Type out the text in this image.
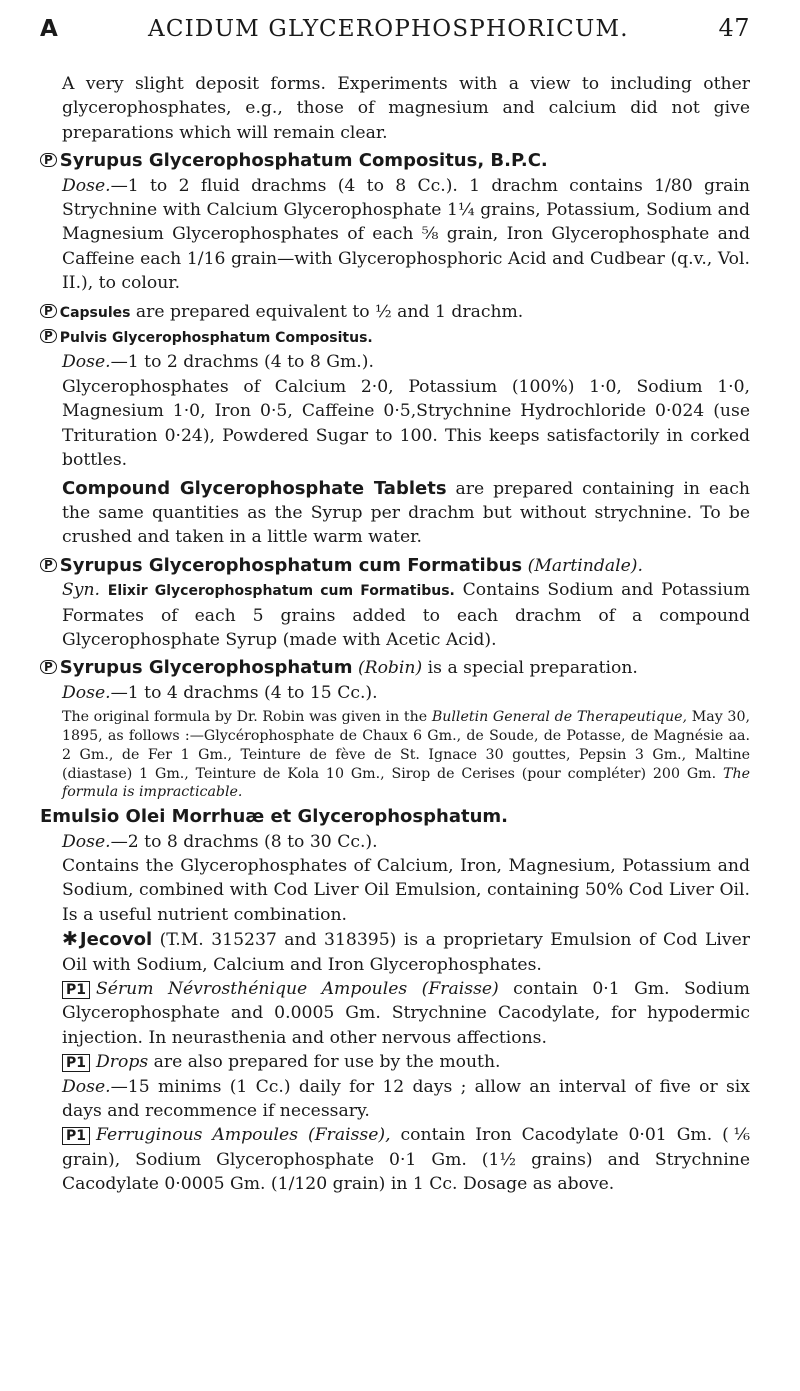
A	ACIDUM GLYCEROPHOSPHORICUM.	47

A very slight deposit forms. Experiments with a view to including other glycerophosphates, e.g., those of magnesium and calcium did not give preparations which will remain clear.

P Syrupus Glycerophosphatum Compositus, B.P.C.

Dose.—1 to 2 fluid drachms (4 to 8 Cc.). 1 drachm contains 1/80 grain Strychnine with Calcium Glycerophosphate 1¼ grains, Potassium, Sodium and Magnesium Glycerophosphates of each ⅝ grain, Iron Glycerophosphate and Caffeine each 1/16 grain—with Glycerophosphoric Acid and Cudbear (q.v., Vol. II.), to colour.

P Capsules are prepared equivalent to ½ and 1 drachm.

P Pulvis Glycerophosphatum Compositus.

Dose.—1 to 2 drachms (4 to 8 Gm.).

Glycerophosphates of Calcium 2·0, Potassium (100%) 1·0, Sodium 1·0, Magnesium 1·0, Iron 0·5, Caffeine 0·5,Strychnine Hydrochloride 0·024 (use Trituration 0·24), Powdered Sugar to 100. This keeps satisfactorily in corked bottles.

Compound Glycerophosphate Tablets are prepared containing in each the same quantities as the Syrup per drachm but without strychnine. To be crushed and taken in a little warm water.

P Syrupus Glycerophosphatum cum Formatibus (Martindale).

Syn. Elixir Glycerophosphatum cum Formatibus. Contains Sodium and Potassium Formates of each 5 grains added to each drachm of a compound Glycerophosphate Syrup (made with Acetic Acid).

P Syrupus Glycerophosphatum (Robin) is a special preparation.

Dose.—1 to 4 drachms (4 to 15 Cc.).

The original formula by Dr. Robin was given in the Bulletin General de Therapeutique, May 30, 1895, as follows :—Glycérophosphate de Chaux 6 Gm., de Soude, de Potasse, de Magnésie aa. 2 Gm., de Fer 1 Gm., Teinture de fève de St. Ignace 30 gouttes, Pepsin 3 Gm., Maltine (diastase) 1 Gm., Teinture de Kola 10 Gm., Sirop de Cerises (pour compléter) 200 Gm. The formula is impracticable.

Emulsio Olei Morrhuæ et Glycerophosphatum.

Dose.—2 to 8 drachms (8 to 30 Cc.).

Contains the Glycerophosphates of Calcium, Iron, Magnesium, Potassium and Sodium, combined with Cod Liver Oil Emulsion, containing 50% Cod Liver Oil. Is a useful nutrient combination.

✱ Jecovol (T.M. 315237 and 318395) is a proprietary Emulsion of Cod Liver Oil with Sodium, Calcium and Iron Glycerophosphates.

P1 Sérum Névrosthénique Ampoules (Fraisse) contain 0·1 Gm. Sodium Glycerophosphate and 0.0005 Gm. Strychnine Cacodylate, for hypodermic injection. In neurasthenia and other nervous affections.

P1 Drops are also prepared for use by the mouth.

Dose.—15 minims (1 Cc.) daily for 12 days ; allow an interval of five or six days and recommence if necessary.

P1 Ferruginous Ampoules (Fraisse), contain Iron Cacodylate 0·01 Gm. (⅙ grain), Sodium Glycerophosphate 0·1 Gm. (1½ grains) and Strychnine Cacodylate 0·0005 Gm. (1/120 grain) in 1 Cc. Dosage as above.
